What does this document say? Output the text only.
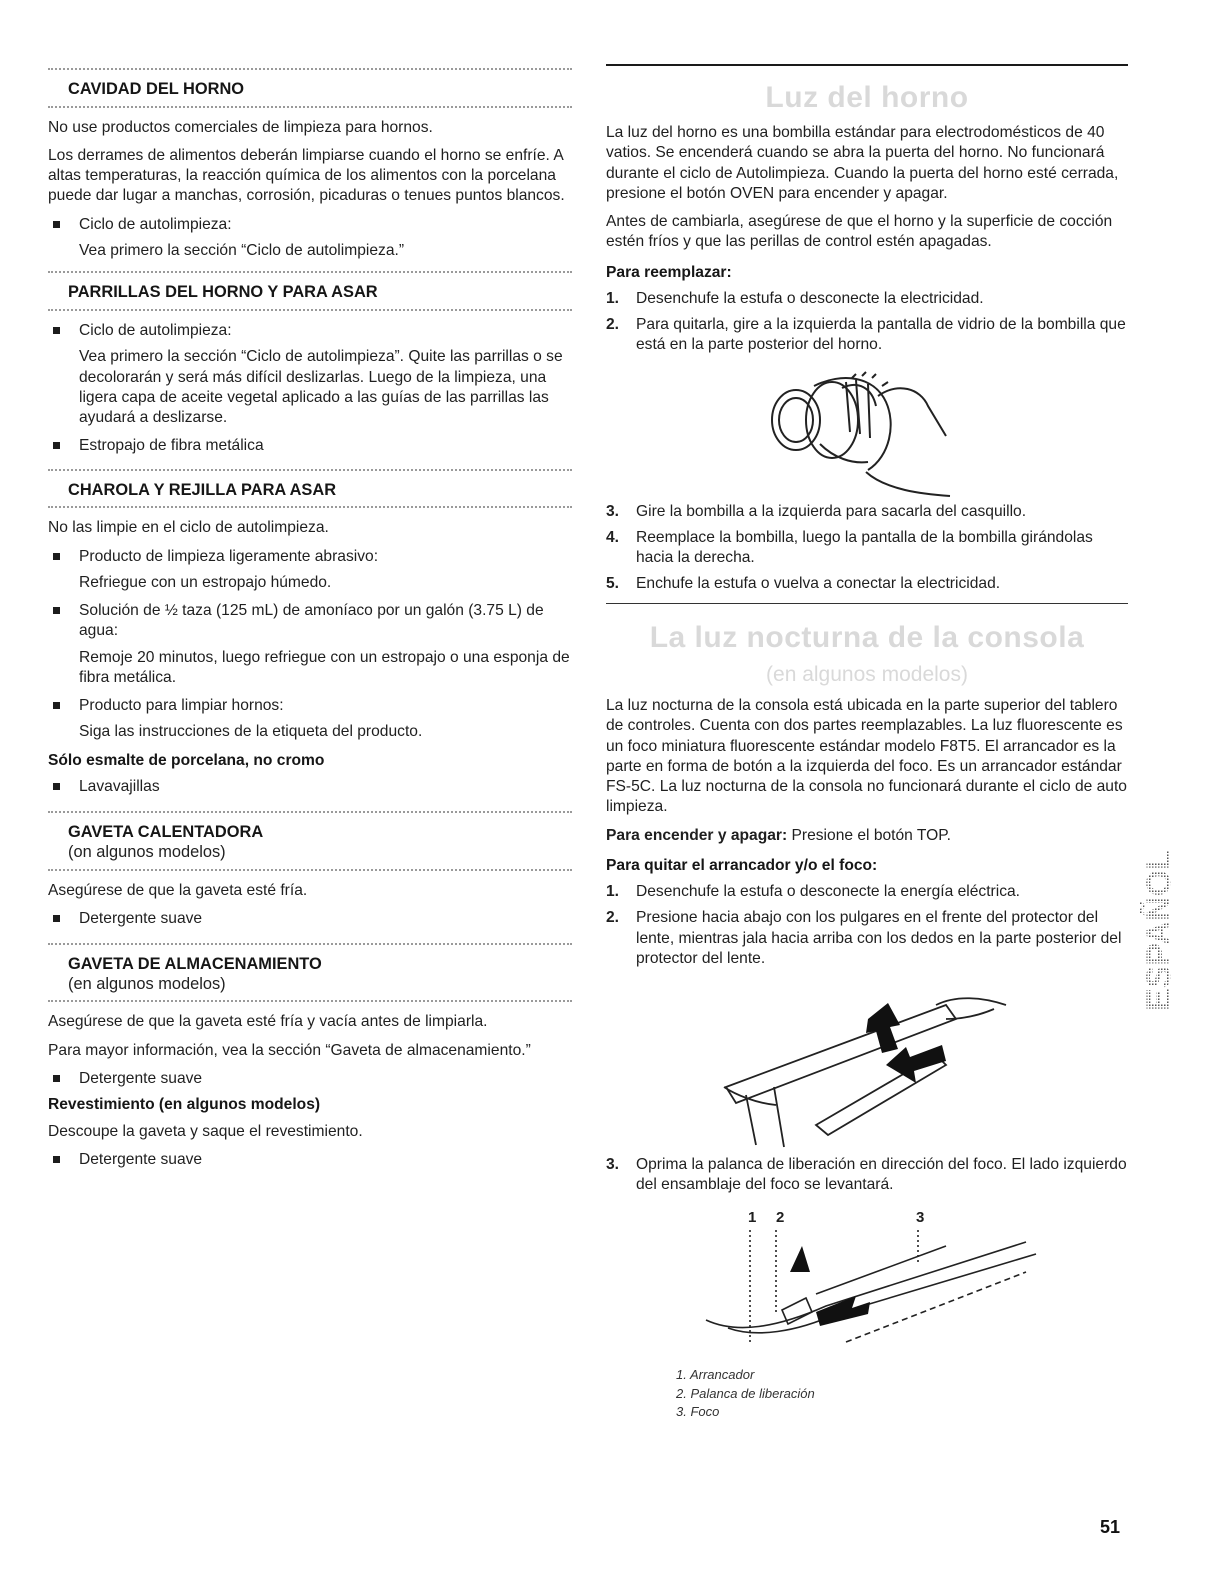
CAVIDAD DEL HORNO

No use productos comerciales de limpieza para hornos.

Los derrames de alimentos deberán limpiarse cuando el horno se enfríe. A altas temperaturas, la reacción química de los alimentos con la porcelana puede dar lugar a manchas, corrosión, picaduras o tenues puntos blancos.

Ciclo de autolimpieza:

Vea primero la sección “Ciclo de autolimpieza.”

PARRILLAS DEL HORNO Y PARA ASAR
Ciclo de autolimpieza:

Vea primero la sección “Ciclo de autolimpieza”. Quite las parrillas o se decolorarán y será más difícil deslizarlas. Luego de la limpieza, una ligera capa de aceite vegetal aplicado a las guías de las parrillas las ayudará a deslizarse.

Estropajo de fibra metálica
CHAROLA Y REJILLA PARA ASAR

No las limpie en el ciclo de autolimpieza.

Producto de limpieza ligeramente abrasivo:

Refriegue con un estropajo húmedo.

Solución de ½ taza (125 mL) de amoníaco por un galón (3.75 L) de agua:

Remoje 20 minutos, luego refriegue con un estropajo o una esponja de fibra metálica.

Producto para limpiar hornos:

Siga las instrucciones de la etiqueta del producto.

Sólo esmalte de porcelana, no cromo
Lavavajillas
GAVETA CALENTADORA
(on algunos modelos)

Asegúrese de que la gaveta esté fría.

Detergente suave
GAVETA DE ALMACENAMIENTO
(en algunos modelos)

Asegúrese de que la gaveta esté fría y vacía antes de limpiarla.

Para mayor información, vea la sección “Gaveta de almacenamiento.”

Detergente suave
Revestimiento (en algunos modelos)

Descoupe la gaveta y saque el revestimiento.

Detergente suave
Luz del horno

La luz del horno es una bombilla estándar para electrodomésticos de 40 vatios. Se encenderá cuando se abra la puerta del horno. No funcionará durante el ciclo de Autolimpieza. Cuando la puerta del horno esté cerrada, presione el botón OVEN para encender y apagar.

Antes de cambiarla, asegúrese de que el horno y la superficie de cocción estén fríos y que las perillas de control estén apagadas.

Para reemplazar:
1. Desenchufe la estufa o desconecte la electricidad.
2. Para quitarla, gire a la izquierda la pantalla de vidrio de la bombilla que está en la parte posterior del horno.
3. Gire la bombilla a la izquierda para sacarla del casquillo.
4. Reemplace la bombilla, luego la pantalla de la bombilla girándolas hacia la derecha.
5. Enchufe la estufa o vuelva a conectar la electricidad.
La luz nocturna de la consola
(en algunos modelos)

La luz nocturna de la consola está ubicada en la parte superior del tablero de controles. Cuenta con dos partes reemplazables. La luz fluorescente es un foco miniatura fluorescente estándar modelo F8T5. El arrancador es la parte en forma de botón a la izquierda del foco. Es un arrancador estándar FS-5C. La luz nocturna de la consola no funcionará durante el ciclo de auto limpieza.

Para encender y apagar: Presione el botón TOP.

Para quitar el arrancador y/o el foco:
1. Desenchufe la estufa o desconecte la energía eléctrica.
2. Presione hacia abajo con los pulgares en el frente del protector del lente, mientras jala hacia arriba con los dedos en la parte posterior del protector del lente.
3. Oprima la palanca de liberación en dirección del foco. El lado izquierdo del ensamblaje del foco se levantará.
1 2	3
1. Arrancador
2. Palanca de liberación
3. Foco
ESPAÑOL
51
